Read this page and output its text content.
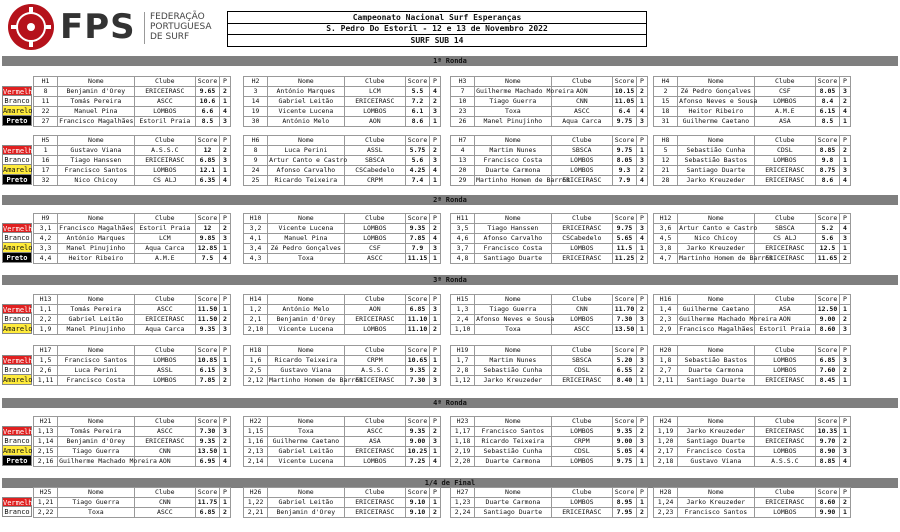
FPS FEDERAÇÃO
PORTUGUESA
DE SURF
Campeonato Nacional Surf Esperanças
S. Pedro Do Estoril - 12 e 13 de Novembro 2022
SURF SUB 14
1ª Ronda
Vermelho
Branco
Amarelo
Preto
H1	Nome	Clube	Score	P
8	Benjamin d'Orey	ERICEIRASC	9.65	2
11	Tomás Pereira	ASCC	10.6	1
22	Manuel Pina	LOMBOS	6.6	4
27	Francisco Magalhães	Estoril Praia	8.5	3
H2	Nome	Clube	Score	P
3	António Marques	LCM	5.5	4
14	Gabriel Leitão	ERICEIRASC	7.2	2
19	Vicente Lucena	LOMBOS	6.1	3
30	António Melo	AON	8.6	1
H3	Nome	Clube	Score	P
7	Guilherme Machado Moreira	AON	10.15	2
10	Tiago Guerra	CNN	11.05	1
23	Toxa	ASCC	6.4	4
26	Manel Pinujinho	Aqua Carca	9.75	3
H4	Nome	Clube	Score	P
2	Zé Pedro Gonçalves	CSF	8.05	3
15	Afonso Neves e Sousa	LOMBOS	8.4	2
18	Heitor Ribeiro	A.M.E	6.15	4
31	Guilherme Caetano	ASA	8.5	1
Vermelho
Branco
Amarelo
Preto
H5	Nome	Clube	Score	P
1	Gustavo Viana	A.S.S.C	12	2
16	Tiago Hanssen	ERICEIRASC	6.85	3
17	Francisco Santos	LOMBOS	12.1	1
32	Nico Chicoy	CS ALJ	6.35	4
H6	Nome	Clube	Score	P
8	Luca Perini	ASSL	5.75	2
9	Artur Canto e Castro	SBSCA	5.6	3
24	Afonso Carvalho	CSCabedelo	4.25	4
25	Ricardo Teixeira	CRPM	7.4	1
H7	Nome	Clube	Score	P
4	Martim Nunes	SBSCA	9.75	1
13	Francisco Costa	LOMBOS	8.05	3
20	Duarte Carmona	LOMBOS	9.3	2
29	Martinho Homem de Barros	ERICEIRASC	7.9	4
H8	Nome	Clube	Score	P
5	Sebastião Cunha	CDSL	8.85	2
12	Sebastião Bastos	LOMBOS	9.8	1
21	Santiago Duarte	ERICEIRASC	8.75	3
28	Jarko Kreuzeder	ERICEIRASC	8.6	4
2ª Ronda
Vermelho
Branco
Amarelo
Preto
H9	Nome	Clube	Score	P
3,1	Francisco Magalhães	Estoril Praia	12	2
4,2	António Marques	LCM	9.85	3
3,3	Manel Pinujinho	Aqua Carca	12.85	1
4,4	Heitor Ribeiro	A.M.E	7.5	4
H10	Nome	Clube	Score	P
3,2	Vicente Lucena	LOMBOS	9.35	2
4,1	Manuel Pina	LOMBOS	7.85	4
3,4	Zé Pedro Gonçalves	CSF	7.9	3
4,3	Toxa	ASCC	11.15	1
H11	Nome	Clube	Score	P
3,5	Tiago Hanssen	ERICEIRASC	9.75	3
4,6	Afonso Carvalho	CSCabedelo	5.65	4
3,7	Francisco Costa	LOMBOS	11.5	1
4,8	Santiago Duarte	ERICEIRASC	11.25	2
H12	Nome	Clube	Score	P
3,6	Artur Canto e Castro	SBSCA	5.2	4
4,5	Nico Chicoy	CS ALJ	5.6	3
3,8	Jarko Kreuzeder	ERICEIRASC	12.5	1
4,7	Martinho Homem de Barros	ERICEIRASC	11.65	2
3ª Ronda
Vermelho
Branco
Amarelo
H13	Nome	Clube	Score	P
1,1	Tomás Pereira	ASCC	11.50	1
2,2	Gabriel Leitão	ERICEIRASC	11.50	2
1,9	Manel Pinujinho	Aqua Carca	9.35	3
H14	Nome	Clube	Score	P
1,2	António Melo	AON	6.85	3
2,1	Benjamin d'Orey	ERICEIRASC	11.10	1
2,10	Vicente Lucena	LOMBOS	11.10	2
H15	Nome	Clube	Score	P
1,3	Tiago Guerra	CNN	11.70	2
2,4	Afonso Neves e Sousa	LOMBOS	7.30	3
1,10	Toxa	ASCC	13.50	1
H16	Nome	Clube	Score	P
1,4	Guilherme Caetano	ASA	12.50	1
2,3	Guilherme Machado Moreira	AON	9.00	2
2,9	Francisco Magalhães	Estoril Praia	8.60	3
Vermelho
Branco
Amarelo
H17	Nome	Clube	Score	P
1,5	Francisco Santos	LOMBOS	10.85	1
2,6	Luca Perini	ASSL	6.15	3
1,11	Francisco Costa	LOMBOS	7.85	2
H18	Nome	Clube	Score	P
1,6	Ricardo Teixeira	CRPM	10.65	1
2,5	Gustavo Viana	A.S.S.C	9.35	2
2,12	Martinho Homem de Barros	ERICEIRASC	7.30	3
H19	Nome	Clube	Score	P
1,7	Martim Nunes	SBSCA	5.20	3
2,8	Sebastião Cunha	CDSL	6.55	2
1,12	Jarko Kreuzeder	ERICEIRASC	8.40	1
H20	Nome	Clube	Score	P
1,8	Sebastião Bastos	LOMBOS	6.85	3
2,7	Duarte Carmona	LOMBOS	7.60	2
2,11	Santiago Duarte	ERICEIRASC	8.45	1
4ª Ronda
Vermelho
Branco
Amarelo
Preto
H21	Nome	Clube	Score	P
1,13	Tomás Pereira	ASCC	7.30	3
1,14	Benjamin d'Orey	ERICEIRASC	9.35	2
2,15	Tiago Guerra	CNN	13.50	1
2,16	Guilherme Machado Moreira	AON	6.95	4
H22	Nome	Clube	Score	P
1,15	Toxa	ASCC	9.35	2
1,16	Guilherme Caetano	ASA	9.00	3
2,13	Gabriel Leitão	ERICEIRASC	10.25	1
2,14	Vicente Lucena	LOMBOS	7.25	4
H23	Nome	Clube	Score	P
1,17	Francisco Santos	LOMBOS	9.35	2
1,18	Ricardo Teixeira	CRPM	9.00	3
2,19	Sebastião Cunha	CDSL	5.05	4
2,20	Duarte Carmona	LOMBOS	9.75	1
H24	Nome	Clube	Score	P
1,19	Jarko Kreuzeder	ERICEIRASC	10.35	1
1,20	Santiago Duarte	ERICEIRASC	9.70	2
2,17	Francisco Costa	LOMBOS	8.90	3
2,18	Gustavo Viana	A.S.S.C	8.85	4
1/4 de Final
Vermelho
Branco
H25	Nome	Clube	Score	P
1,21	Tiago Guerra	CNN	11.75	1
2,22	Toxa	ASCC	6.85	2
H26	Nome	Clube	Score	P
1,22	Gabriel Leitão	ERICEIRASC	9.10	1
2,21	Benjamin d'Orey	ERICEIRASC	9.10	2
H27	Nome	Clube	Score	P
1,23	Duarte Carmona	LOMBOS	8.95	1
2,24	Santiago Duarte	ERICEIRASC	7.95	2
H28	Nome	Clube	Score	P
1,24	Jarko Kreuzeder	ERICEIRASC	8.60	2
2,23	Francisco Santos	LOMBOS	9.90	1
